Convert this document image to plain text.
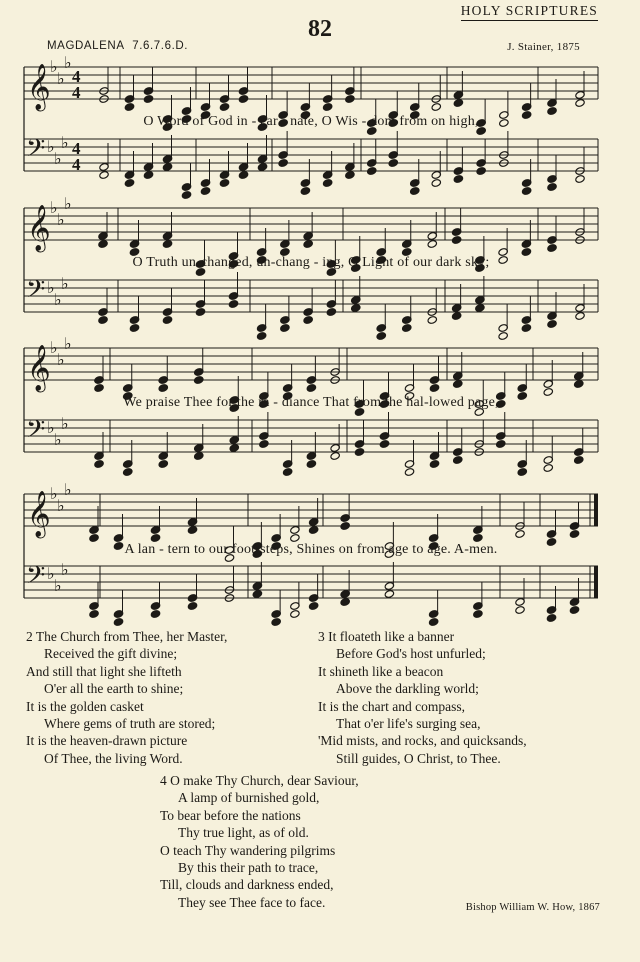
HOLY SCRIPTURES
82
MAGDALENA 7.6.7.6.D.	J. Stainer, 1875
𝄞 ♭
♭
♭
4
4
𝄢 ♭
♭
♭ 4
4
𝄞 ♭
♭
♭
𝄢 ♭
♭
♭
𝄞 ♭
♭
♭
𝄢 ♭
♭
♭
𝄞 ♭
♭
♭
𝄢 ♭
♭
♭
O Word of God in - car - nate, O Wis - dom from on high,
O Truth un-changed, un-chang - ing, O Light of our dark sky;
We praise Thee for the ra - diance That from the hal-lowed page,
A lan - tern to our foot-steps, Shines on from age to age. A-men.
2 The Church from Thee, her Master,
Received the gift divine;
And still that light she lifteth
O'er all the earth to shine;
It is the golden casket
Where gems of truth are stored;
It is the heaven-drawn picture
Of Thee, the living Word.
3 It floateth like a banner
Before God's host unfurled;
It shineth like a beacon
Above the darkling world;
It is the chart and compass,
That o'er life's surging sea,
'Mid mists, and rocks, and quicksands,
Still guides, O Christ, to Thee.
4 O make Thy Church, dear Saviour,
A lamp of burnished gold,
To bear before the nations
Thy true light, as of old.
O teach Thy wandering pilgrims
By this their path to trace,
Till, clouds and darkness ended,
They see Thee face to face.	Bishop William W. How, 1867
